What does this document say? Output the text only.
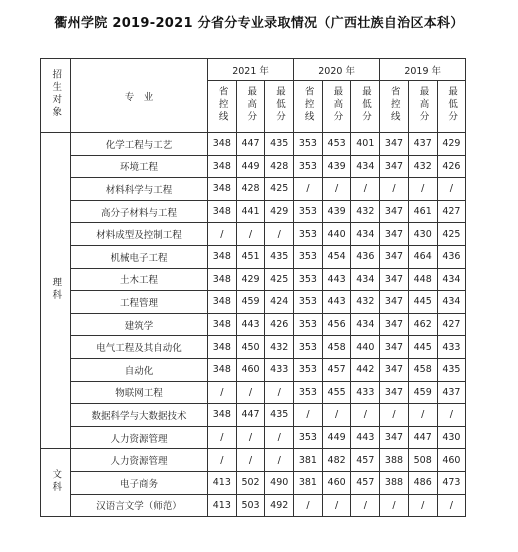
衢州学院 2019-2021 分省分专业录取情况（广西壮族自治区本科）
招生对象	专　业	2021 年			2020 年			2019 年		
		省控线	最高分	最低分	省控线	最高分	最低分	省控线	最高分	最低分
理科	化学工程与工艺	348	447	435	353	453	401	347	437	429
	环境工程	348	449	428	353	439	434	347	432	426
	材料科学与工程	348	428	425	/	/	/	/	/	/
	高分子材料与工程	348	441	429	353	439	432	347	461	427
	材料成型及控制工程	/	/	/	353	440	434	347	430	425
	机械电子工程	348	451	435	353	454	436	347	464	436
	土木工程	348	429	425	353	443	434	347	448	434
	工程管理	348	459	424	353	443	432	347	445	434
	建筑学	348	443	426	353	456	434	347	462	427
	电气工程及其自动化	348	450	432	353	458	440	347	445	433
	自动化	348	460	433	353	457	442	347	458	435
	物联网工程	/	/	/	353	455	433	347	459	437
	数据科学与大数据技术	348	447	435	/	/	/	/	/	/
	人力资源管理	/	/	/	353	449	443	347	447	430
文科	人力资源管理	/	/	/	381	482	457	388	508	460
	电子商务	413	502	490	381	460	457	388	486	473
	汉语言文学（师范）	413	503	492	/	/	/	/	/	/
